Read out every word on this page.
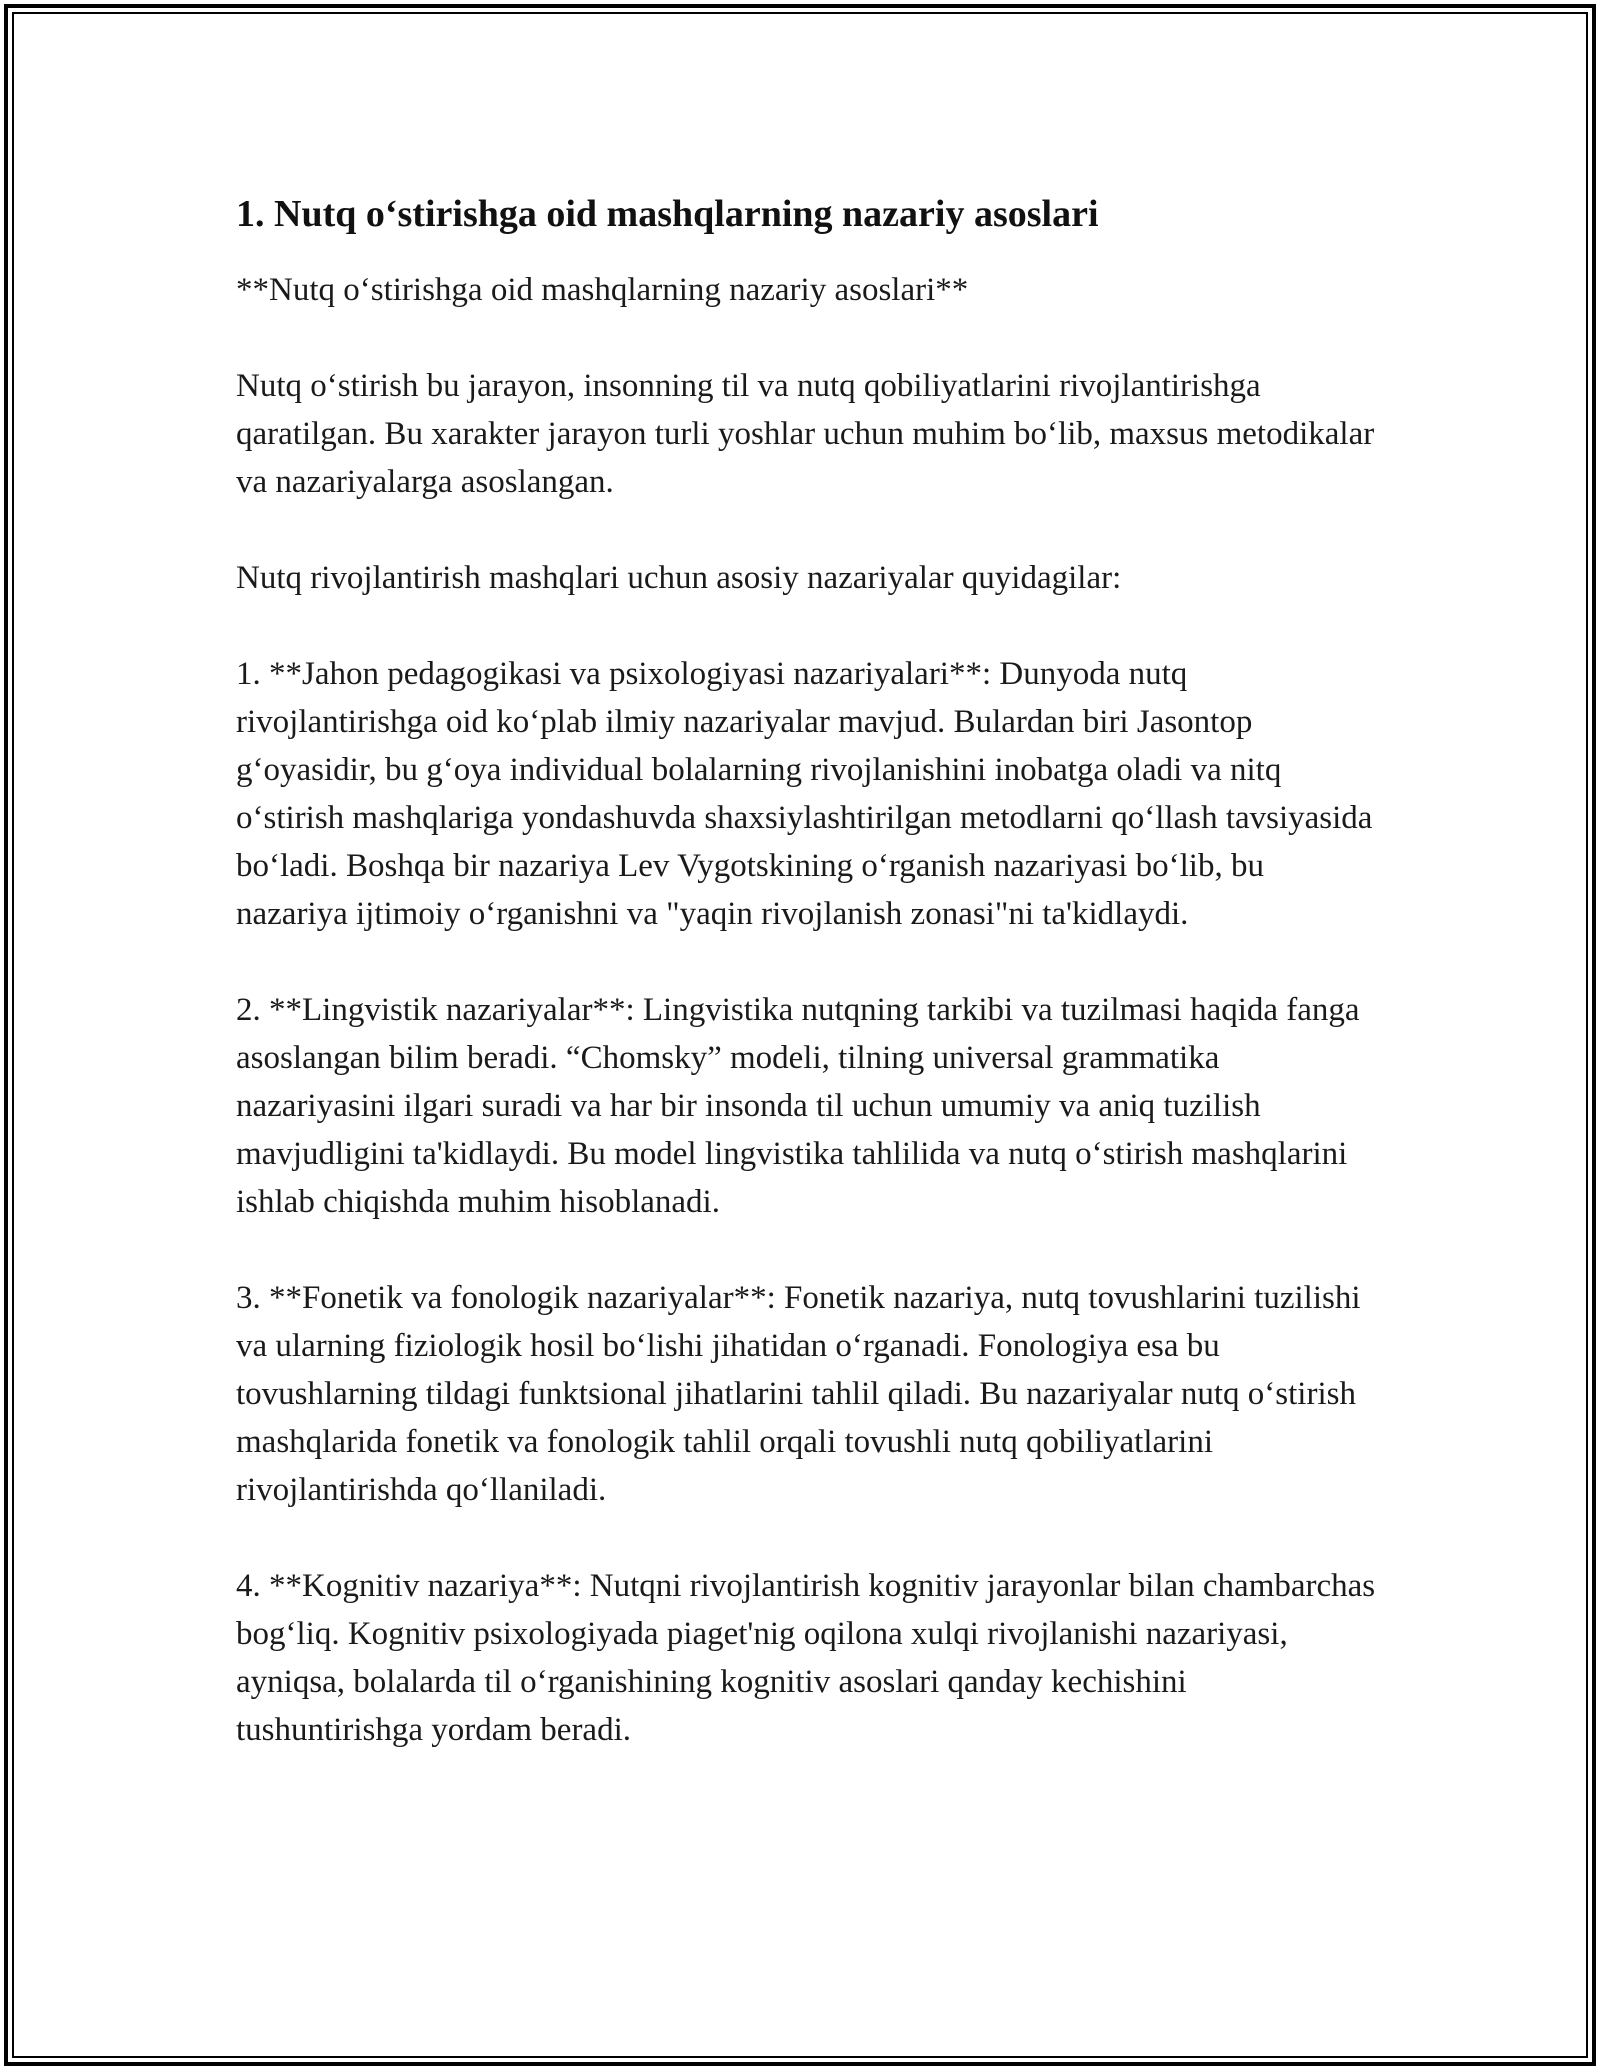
1. Nutq o‘stirishga oid mashqlarning nazariy asoslari

**Nutq o‘stirishga oid mashqlarning nazariy asoslari**

Nutq o‘stirish bu jarayon, insonning til va nutq qobiliyatlarini rivojlantirishga qaratilgan. Bu xarakter jarayon turli yoshlar uchun muhim bo‘lib, maxsus metodikalar va nazariyalarga asoslangan.

Nutq rivojlantirish mashqlari uchun asosiy nazariyalar quyidagilar:

1. **Jahon pedagogikasi va psixologiyasi nazariyalari**: Dunyoda nutq rivojlantirishga oid ko‘plab ilmiy nazariyalar mavjud. Bulardan biri Jasontop g‘oyasidir, bu g‘oya individual bolalarning rivojlanishini inobatga oladi va nitq o‘stirish mashqlariga yondashuvda shaxsiylashtirilgan metodlarni qo‘llash tavsiyasida bo‘ladi. Boshqa bir nazariya Lev Vygotskining o‘rganish nazariyasi bo‘lib, bu nazariya ijtimoiy o‘rganishni va "yaqin rivojlanish zonasi"ni ta'kidlaydi.

2. **Lingvistik nazariyalar**: Lingvistika nutqning tarkibi va tuzilmasi haqida fanga asoslangan bilim beradi. “Chomsky” modeli, tilning universal grammatika nazariyasini ilgari suradi va har bir insonda til uchun umumiy va aniq tuzilish mavjudligini ta'kidlaydi. Bu model lingvistika tahlilida va nutq o‘stirish mashqlarini ishlab chiqishda muhim hisoblanadi.

3. **Fonetik va fonologik nazariyalar**: Fonetik nazariya, nutq tovushlarini tuzilishi va ularning fiziologik hosil bo‘lishi jihatidan o‘rganadi. Fonologiya esa bu tovushlarning tildagi funktsional jihatlarini tahlil qiladi. Bu nazariyalar nutq o‘stirish mashqlarida fonetik va fonologik tahlil orqali tovushli nutq qobiliyatlarini rivojlantirishda qo‘llaniladi.

4. **Kognitiv nazariya**: Nutqni rivojlantirish kognitiv jarayonlar bilan chambarchas bog‘liq. Kognitiv psixologiyada piaget'nig oqilona xulqi rivojlanishi nazariyasi, ayniqsa, bolalarda til o‘rganishining kognitiv asoslari qanday kechishini tushuntirishga yordam beradi.
